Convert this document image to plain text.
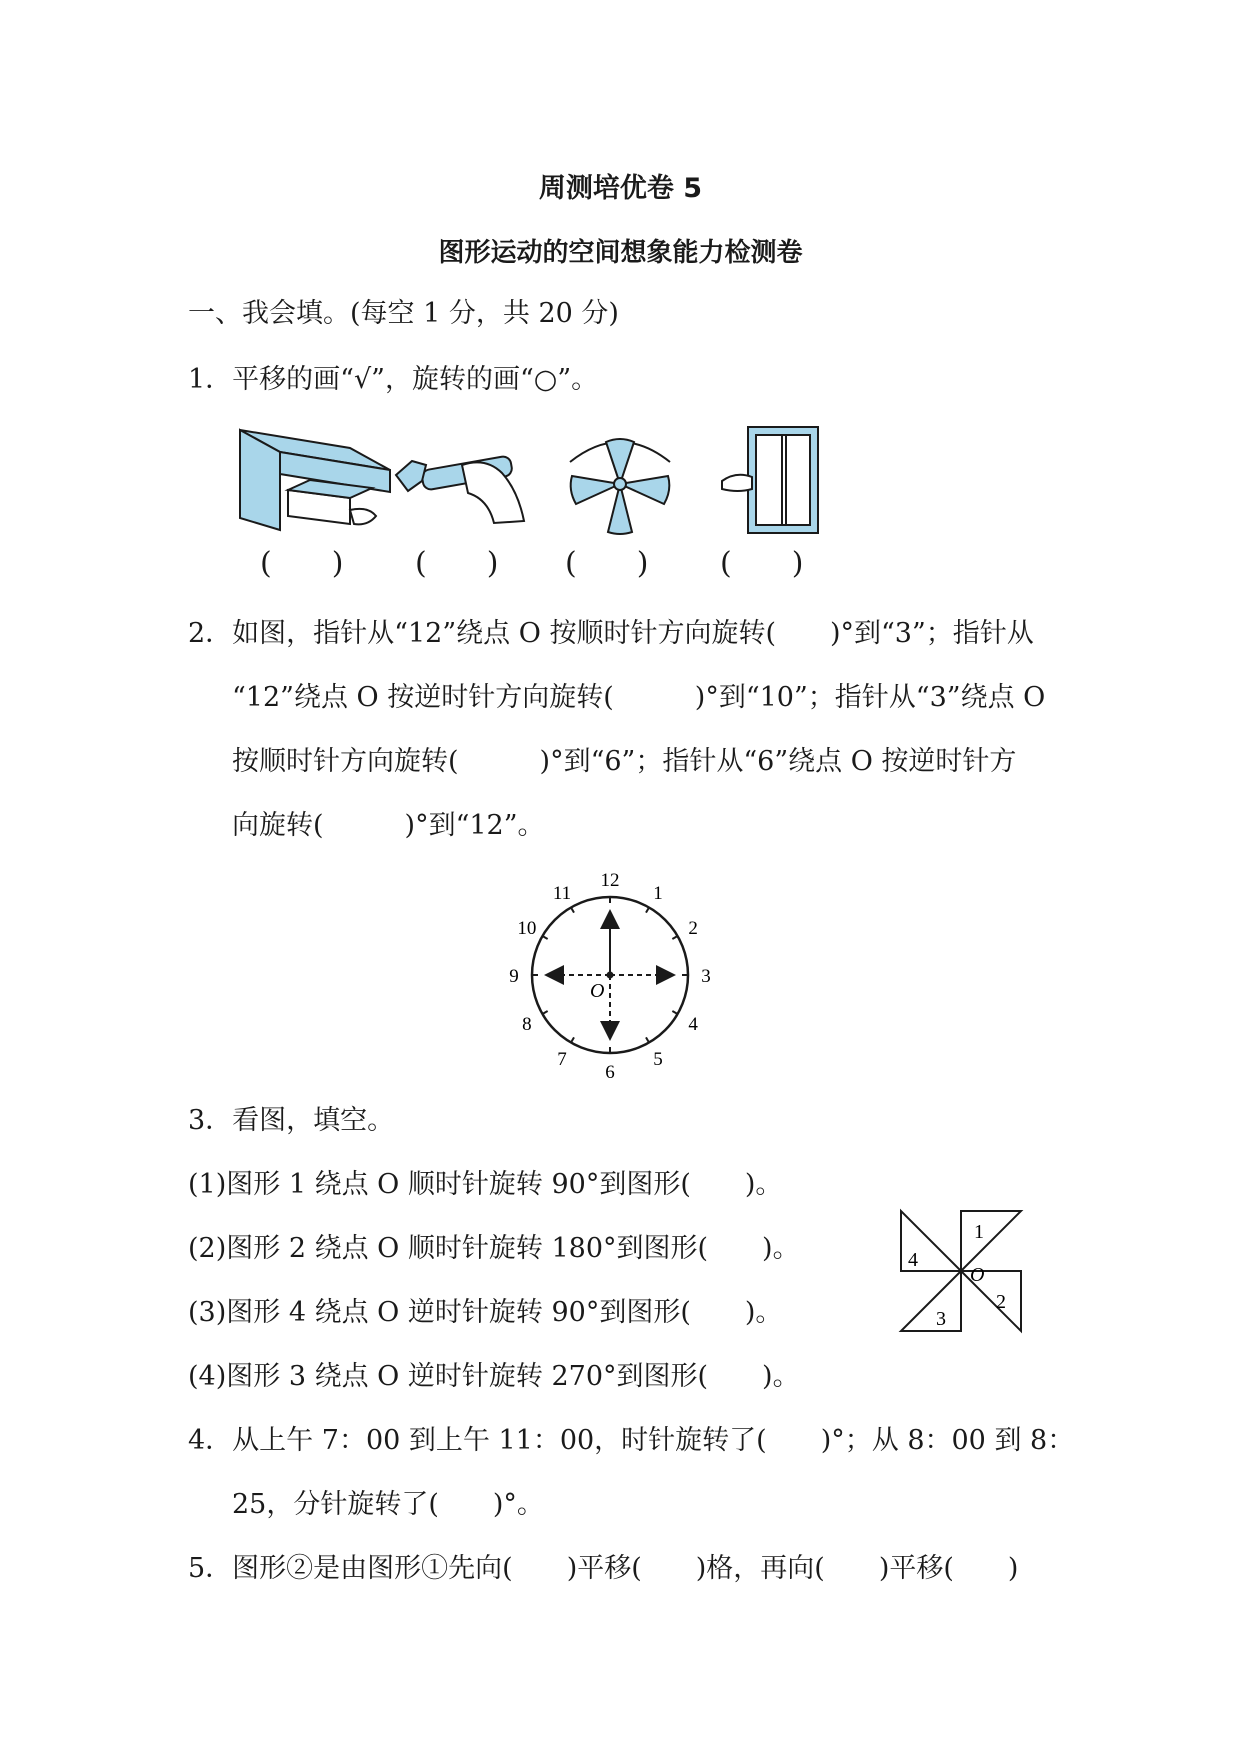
周测培优卷 5
图形运动的空间想象能力检测卷
一、我会填。(每空 1 分，共 20 分)
1．平移的画“√”，旋转的画“○”。
(　　) (　　) (　　) (　　)
2．如图，指针从“12”绕点 O 按顺时针方向旋转(　　)°到“3”；指针从
“12”绕点 O 按逆时针方向旋转(　　　)°到“10”；指针从“3”绕点 O
按顺时针方向旋转(　　　)°到“6”；指针从“6”绕点 O 按逆时针方
向旋转(　　　)°到“12”。
O
12
1
2
3
4
5
6
7
8
9
10
11
3．看图，填空。
(1)图形 1 绕点 O 顺时针旋转 90°到图形(　　)。
(2)图形 2 绕点 O 顺时针旋转 180°到图形(　　)。
(3)图形 4 绕点 O 逆时针旋转 90°到图形(　　)。
(4)图形 3 绕点 O 逆时针旋转 270°到图形(　　)。
1
2
3
4
O
4．从上午 7：00 到上午 11：00，时针旋转了(　　)°；从 8：00 到 8：
25，分针旋转了(　　)°。
5．图形②是由图形①先向(　　)平移(　　)格，再向(　　)平移(　　)
